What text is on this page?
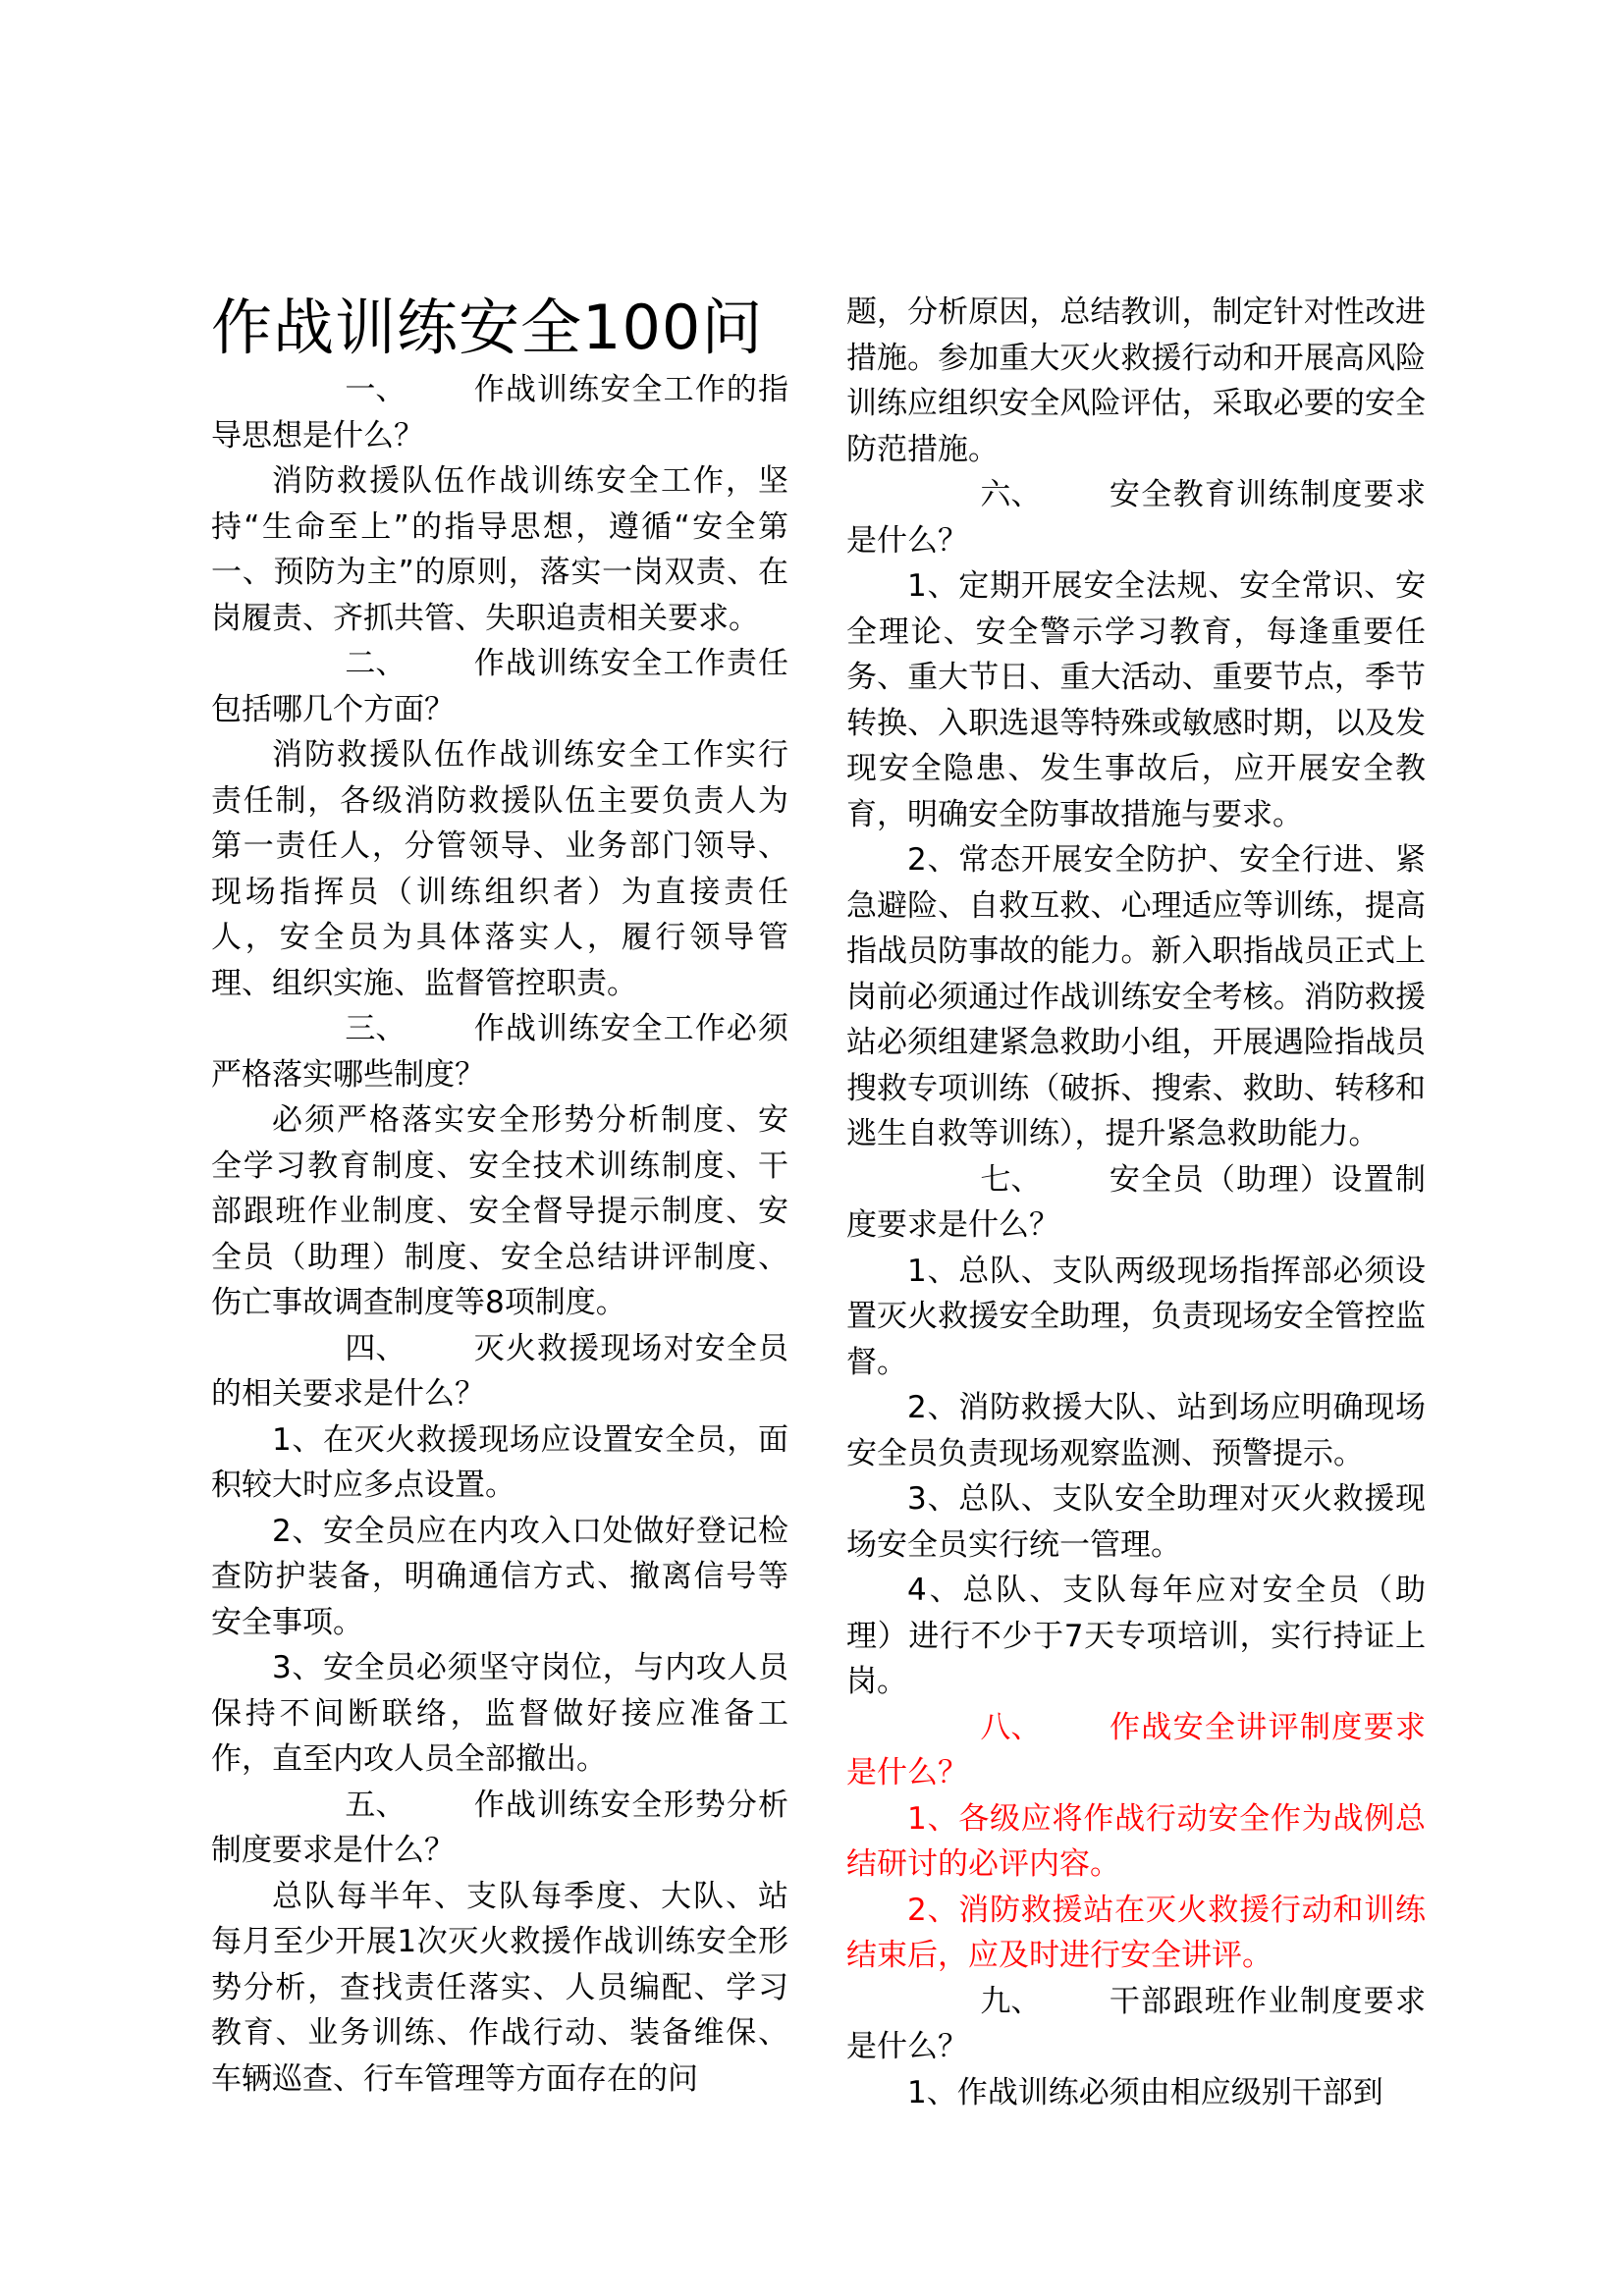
作战训练安全100问

一、 作战训练安全工作的指导思想是什么？

消防救援队伍作战训练安全工作，坚持“生命至上”的指导思想，遵循“安全第一、预防为主”的原则，落实一岗双责、在岗履责、齐抓共管、失职追责相关要求。

二、 作战训练安全工作责任包括哪几个方面？

消防救援队伍作战训练安全工作实行责任制，各级消防救援队伍主要负责人为第一责任人，分管领导、业务部门领导、现场指挥员（训练组织者）为直接责任人，安全员为具体落实人，履行领导管理、组织实施、监督管控职责。

三、 作战训练安全工作必须严格落实哪些制度？

必须严格落实安全形势分析制度、安全学习教育制度、安全技术训练制度、干部跟班作业制度、安全督导提示制度、安全员（助理）制度、安全总结讲评制度、伤亡事故调查制度等8项制度。

四、 灭火救援现场对安全员的相关要求是什么？

1、在灭火救援现场应设置安全员，面积较大时应多点设置。

2、安全员应在内攻入口处做好登记检查防护装备，明确通信方式、撤离信号等安全事项。

3、安全员必须坚守岗位，与内攻人员保持不间断联络，监督做好接应准备工作，直至内攻人员全部撤出。

五、 作战训练安全形势分析制度要求是什么？

总队每半年、支队每季度、大队、站每月至少开展1次灭火救援作战训练安全形势分析，查找责任落实、人员编配、学习教育、业务训练、作战行动、装备维保、车辆巡查、行车管理等方面存在的问

题，分析原因，总结教训，制定针对性改进措施。参加重大灭火救援行动和开展高风险训练应组织安全风险评估，采取必要的安全防范措施。

六、 安全教育训练制度要求是什么？

1、定期开展安全法规、安全常识、安全理论、安全警示学习教育，每逢重要任务、重大节日、重大活动、重要节点，季节转换、入职选退等特殊或敏感时期，以及发现安全隐患、发生事故后，应开展安全教育，明确安全防事故措施与要求。

2、常态开展安全防护、安全行进、紧急避险、自救互救、心理适应等训练，提高指战员防事故的能力。新入职指战员正式上岗前必须通过作战训练安全考核。消防救援站必须组建紧急救助小组，开展遇险指战员搜救专项训练（破拆、搜索、救助、转移和逃生自救等训练），提升紧急救助能力。

七、 安全员（助理）设置制度要求是什么？

1、总队、支队两级现场指挥部必须设置灭火救援安全助理，负责现场安全管控监督。

2、消防救援大队、站到场应明确现场安全员负责现场观察监测、预警提示。

3、总队、支队安全助理对灭火救援现场安全员实行统一管理。

4、总队、支队每年应对安全员（助理）进行不少于7天专项培训，实行持证上岗。

八、 作战安全讲评制度要求是什么？

1、各级应将作战行动安全作为战例总结研讨的必评内容。

2、消防救援站在灭火救援行动和训练结束后，应及时进行安全讲评。

九、 干部跟班作业制度要求是什么？

1、作战训练必须由相应级别干部到
